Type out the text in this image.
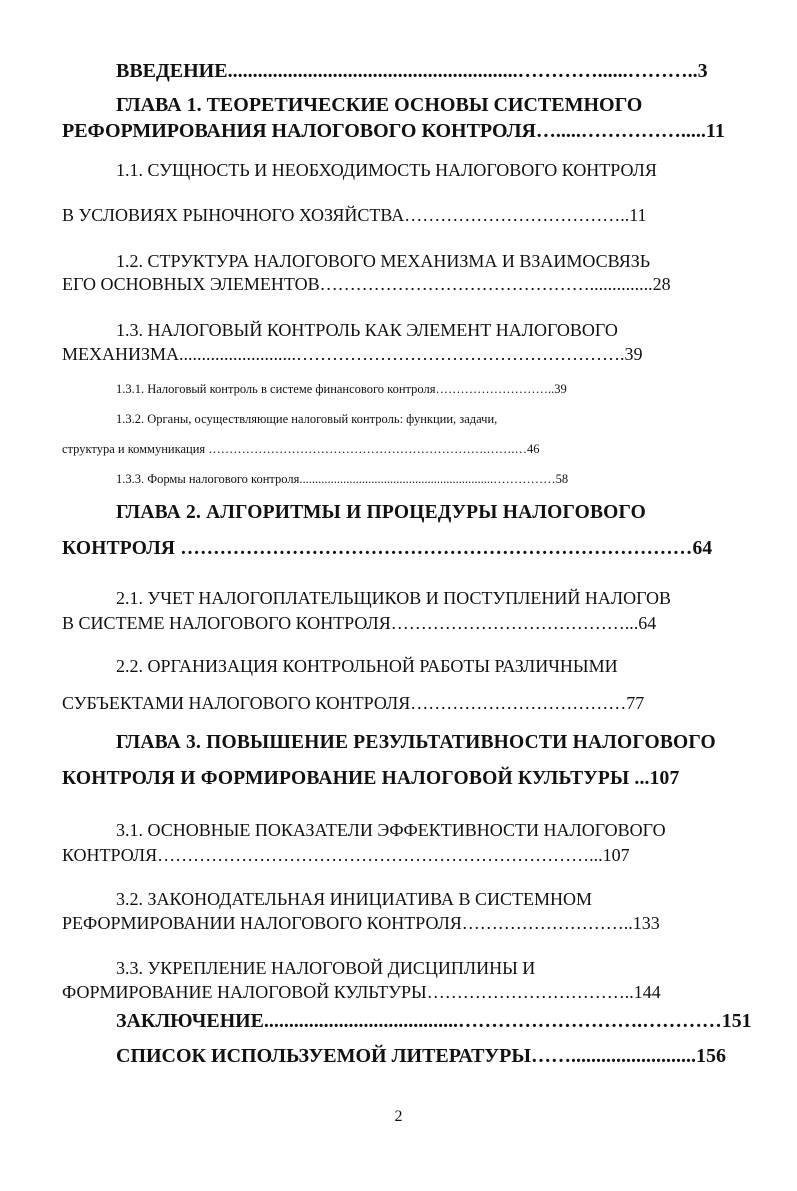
ВВЕДЕНИЕ..........................................................…………......………..3
ГЛАВА 1. ТЕОРЕТИЧЕСКИЕ ОСНОВЫ СИСТЕМНОГО
РЕФОРМИРОВАНИЯ НАЛОГОВОГО КОНТРОЛЯ….....…………….....11
1.1. СУЩНОСТЬ И НЕОБХОДИМОСТЬ НАЛОГОВОГО КОНТРОЛЯ
В УСЛОВИЯХ РЫНОЧНОГО ХОЗЯЙСТВА………………………………..11
1.2. СТРУКТУРА НАЛОГОВОГО МЕХАНИЗМА И ВЗАИМОСВЯЗЬ
ЕГО ОСНОВНЫХ ЭЛЕМЕНТОВ………………………………………..............28
1.3. НАЛОГОВЫЙ КОНТРОЛЬ КАК ЭЛЕМЕНТ НАЛОГОВОГО
МЕХАНИЗМА..........................……………………………………………….39
1.3.1. Налоговый контроль в системе финансового контроля………………………..39
1.3.2. Органы, осуществляющие налоговый контроль: функции, задачи,
структура и коммуникация ………………………………………………………….…….…46
1.3.3. Формы налогового контроля..............................................................……………58
ГЛАВА 2. АЛГОРИТМЫ И ПРОЦЕДУРЫ НАЛОГОВОГО
КОНТРОЛЯ ……………………………………………………………………64
2.1. УЧЕТ НАЛОГОПЛАТЕЛЬЩИКОВ И ПОСТУПЛЕНИЙ НАЛОГОВ
В СИСТЕМЕ НАЛОГОВОГО КОНТРОЛЯ…………………………………...64
2.2. ОРГАНИЗАЦИЯ КОНТРОЛЬНОЙ РАБОТЫ РАЗЛИЧНЫМИ
СУБЪЕКТАМИ НАЛОГОВОГО КОНТРОЛЯ………………………………77
ГЛАВА 3. ПОВЫШЕНИЕ РЕЗУЛЬТАТИВНОСТИ НАЛОГОВОГО
КОНТРОЛЯ И ФОРМИРОВАНИЕ НАЛОГОВОЙ КУЛЬТУРЫ ...107
3.1. ОСНОВНЫЕ ПОКАЗАТЕЛИ ЭФФЕКТИВНОСТИ НАЛОГОВОГО
КОНТРОЛЯ………………………………………………………………...107
3.2. ЗАКОНОДАТЕЛЬНАЯ ИНИЦИАТИВА В СИСТЕМНОМ
РЕФОРМИРОВАНИИ НАЛОГОВОГО КОНТРОЛЯ………………………..133
3.3. УКРЕПЛЕНИЕ НАЛОГОВОЙ ДИСЦИПЛИНЫ И
ФОРМИРОВАНИЕ НАЛОГОВОЙ КУЛЬТУРЫ……………………………..144
ЗАКЛЮЧЕНИЕ.......................................……………………….…………151
СПИСОК ИСПОЛЬЗУЕМОЙ ЛИТЕРАТУРЫ…….........................156
2
